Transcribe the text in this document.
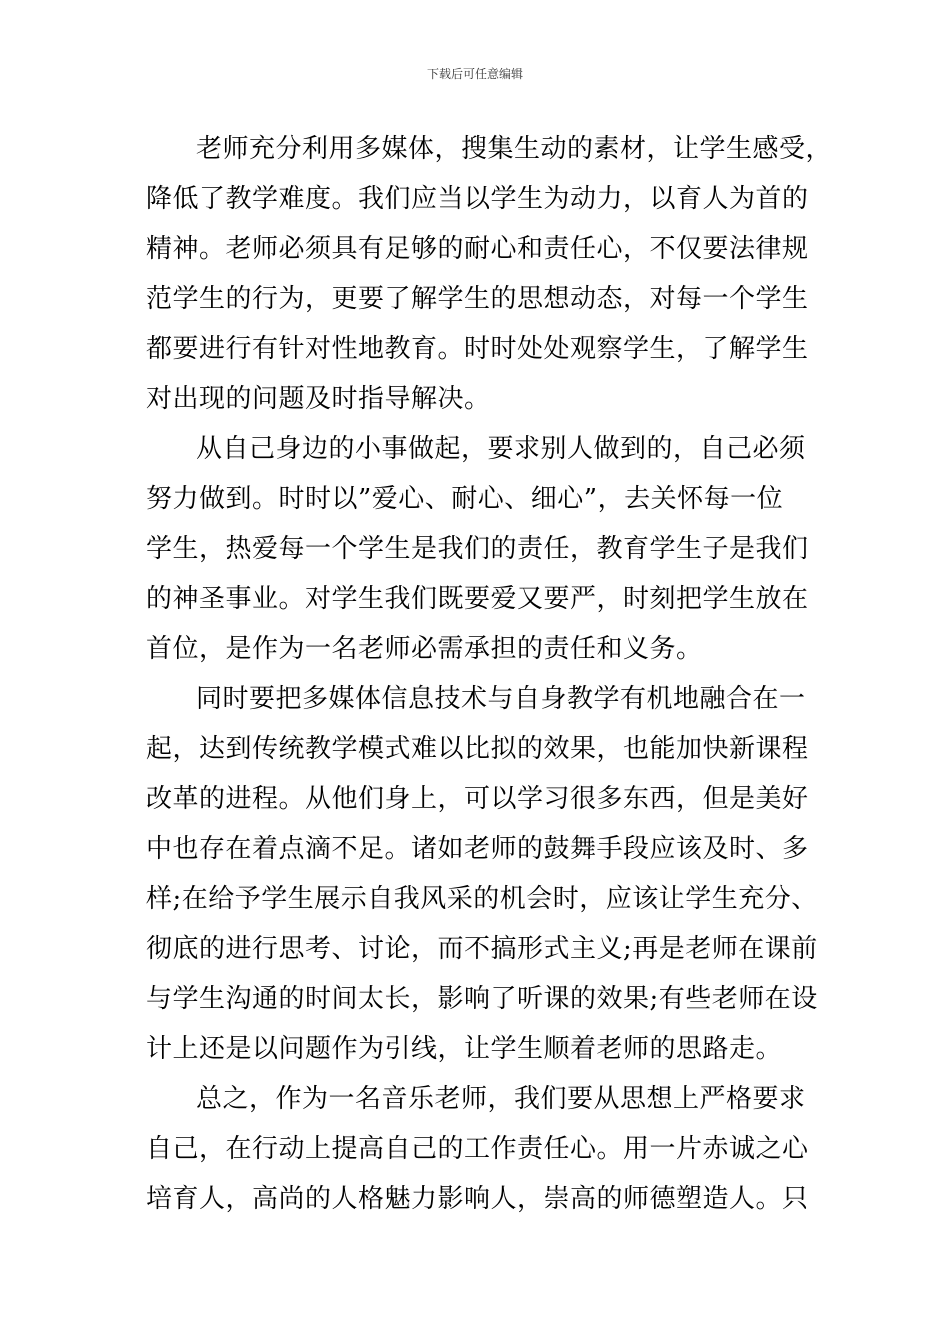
下载后可任意编辑
老师充分利用多媒体，搜集生动的素材，让学生感受，
降低了教学难度。我们应当以学生为动力，以育人为首的
精神。老师必须具有足够的耐心和责任心，不仅要法律规
范学生的行为，更要了解学生的思想动态，对每一个学生
都要进行有针对性地教育。时时处处观察学生，了解学生
对出现的问题及时指导解决。
从自己身边的小事做起，要求别人做到的，自己必须
努力做到。时时以”爱心、耐心、细心”，去关怀每一位
学生，热爱每一个学生是我们的责任，教育学生子是我们
的神圣事业。对学生我们既要爱又要严，时刻把学生放在
首位，是作为一名老师必需承担的责任和义务。
同时要把多媒体信息技术与自身教学有机地融合在一
起，达到传统教学模式难以比拟的效果，也能加快新课程
改革的进程。从他们身上，可以学习很多东西，但是美好
中也存在着点滴不足。诸如老师的鼓舞手段应该及时、多
样;在给予学生展示自我风采的机会时，应该让学生充分、
彻底的进行思考、讨论，而不搞形式主义;再是老师在课前
与学生沟通的时间太长，影响了听课的效果;有些老师在设
计上还是以问题作为引线，让学生顺着老师的思路走。
总之，作为一名音乐老师，我们要从思想上严格要求
自己，在行动上提高自己的工作责任心。用一片赤诚之心
培育人，高尚的人格魅力影响人，崇高的师德塑造人。只
